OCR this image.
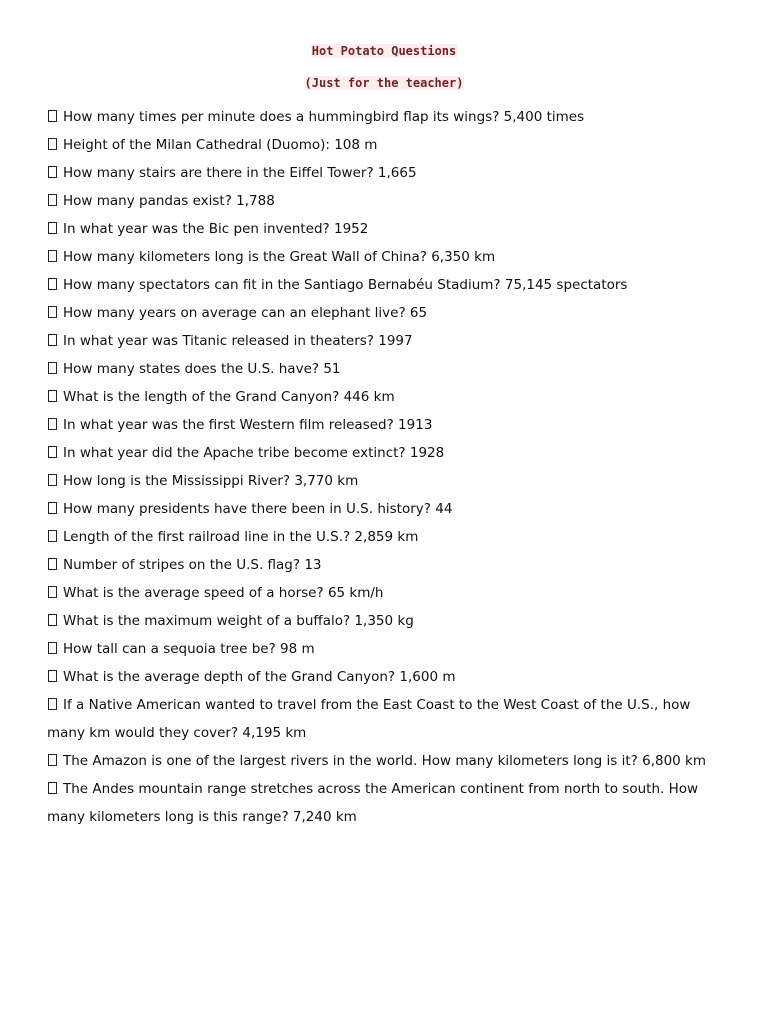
Hot Potato Questions
(Just for the teacher)
How many times per minute does a hummingbird flap its wings? 5,400 times
Height of the Milan Cathedral (Duomo): 108 m
How many stairs are there in the Eiffel Tower? 1,665
How many pandas exist? 1,788
In what year was the Bic pen invented? 1952
How many kilometers long is the Great Wall of China? 6,350 km
How many spectators can fit in the Santiago Bernabéu Stadium? 75,145 spectators
How many years on average can an elephant live? 65
In what year was Titanic released in theaters? 1997
How many states does the U.S. have? 51
What is the length of the Grand Canyon? 446 km
In what year was the first Western film released? 1913
In what year did the Apache tribe become extinct? 1928
How long is the Mississippi River? 3,770 km
How many presidents have there been in U.S. history? 44
Length of the first railroad line in the U.S.? 2,859 km
Number of stripes on the U.S. flag? 13
What is the average speed of a horse? 65 km/h
What is the maximum weight of a buffalo? 1,350 kg
How tall can a sequoia tree be? 98 m
What is the average depth of the Grand Canyon? 1,600 m
If a Native American wanted to travel from the East Coast to the West Coast of the U.S., how many km would they cover? 4,195 km
The Amazon is one of the largest rivers in the world. How many kilometers long is it? 6,800 km
The Andes mountain range stretches across the American continent from north to south. How many kilometers long is this range? 7,240 km
